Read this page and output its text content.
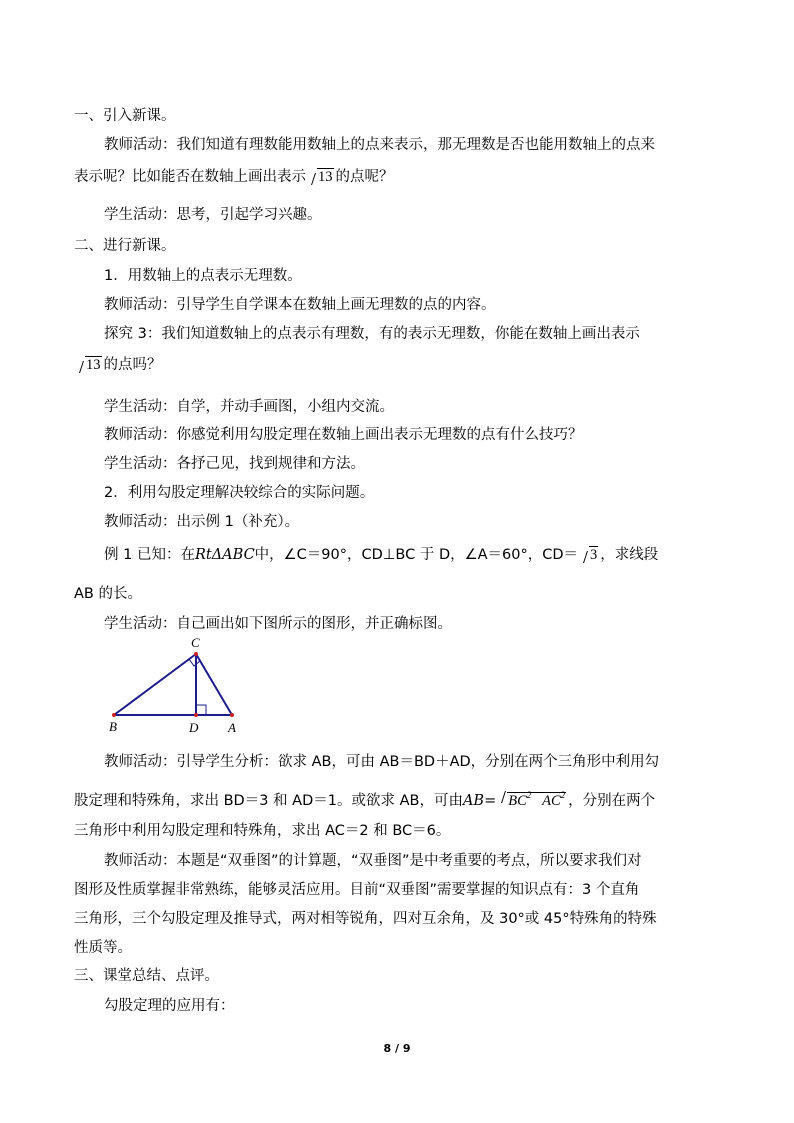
一、引入新课。
教师活动：我们知道有理数能用数轴上的点来表示，那无理数是否也能用数轴上的点来
表示呢？比如能否在数轴上画出表示 13 的点呢？
学生活动：思考，引起学习兴趣。
二、进行新课。
1．用数轴上的点表示无理数。
教师活动：引导学生自学课本在数轴上画无理数的点的内容。
探究 3：我们知道数轴上的点表示有理数，有的表示无理数，你能在数轴上画出表示
13 的点吗？
学生活动：自学，并动手画图，小组内交流。
教师活动：你感觉利用勾股定理在数轴上画出表示无理数的点有什么技巧？
学生活动：各抒己见，找到规律和方法。
2．利用勾股定理解决较综合的实际问题。
教师活动：出示例 1（补充）。
例 1 已知：在RtΔABC中，∠C＝90°，CD⊥BC 于 D，∠A＝60°，CD＝ 3 ，求线段
AB 的长。
学生活动：自己画出如下图所示的图形，并正确标图。
C
B	D A
教师活动：引导学生分析：欲求 AB，可由 AB＝BD＋AD，分别在两个三角形中利用勾
股定理和特殊角，求出 BD＝3 和 AD＝1。或欲求 AB，可由$AB= BC^2$ $AC^2$ ，分别在两个
三角形中利用勾股定理和特殊角，求出 AC＝2 和 BC＝6。
教师活动：本题是“双垂图”的计算题，“双垂图”是中考重要的考点，所以要求我们对
图形及性质掌握非常熟练，能够灵活应用。目前“双垂图”需要掌握的知识点有：3 个直角
三角形，三个勾股定理及推导式，两对相等锐角，四对互余角，及 30°或 45°特殊角的特殊
性质等。
三、课堂总结、点评。
勾股定理的应用有：
8 / 9
